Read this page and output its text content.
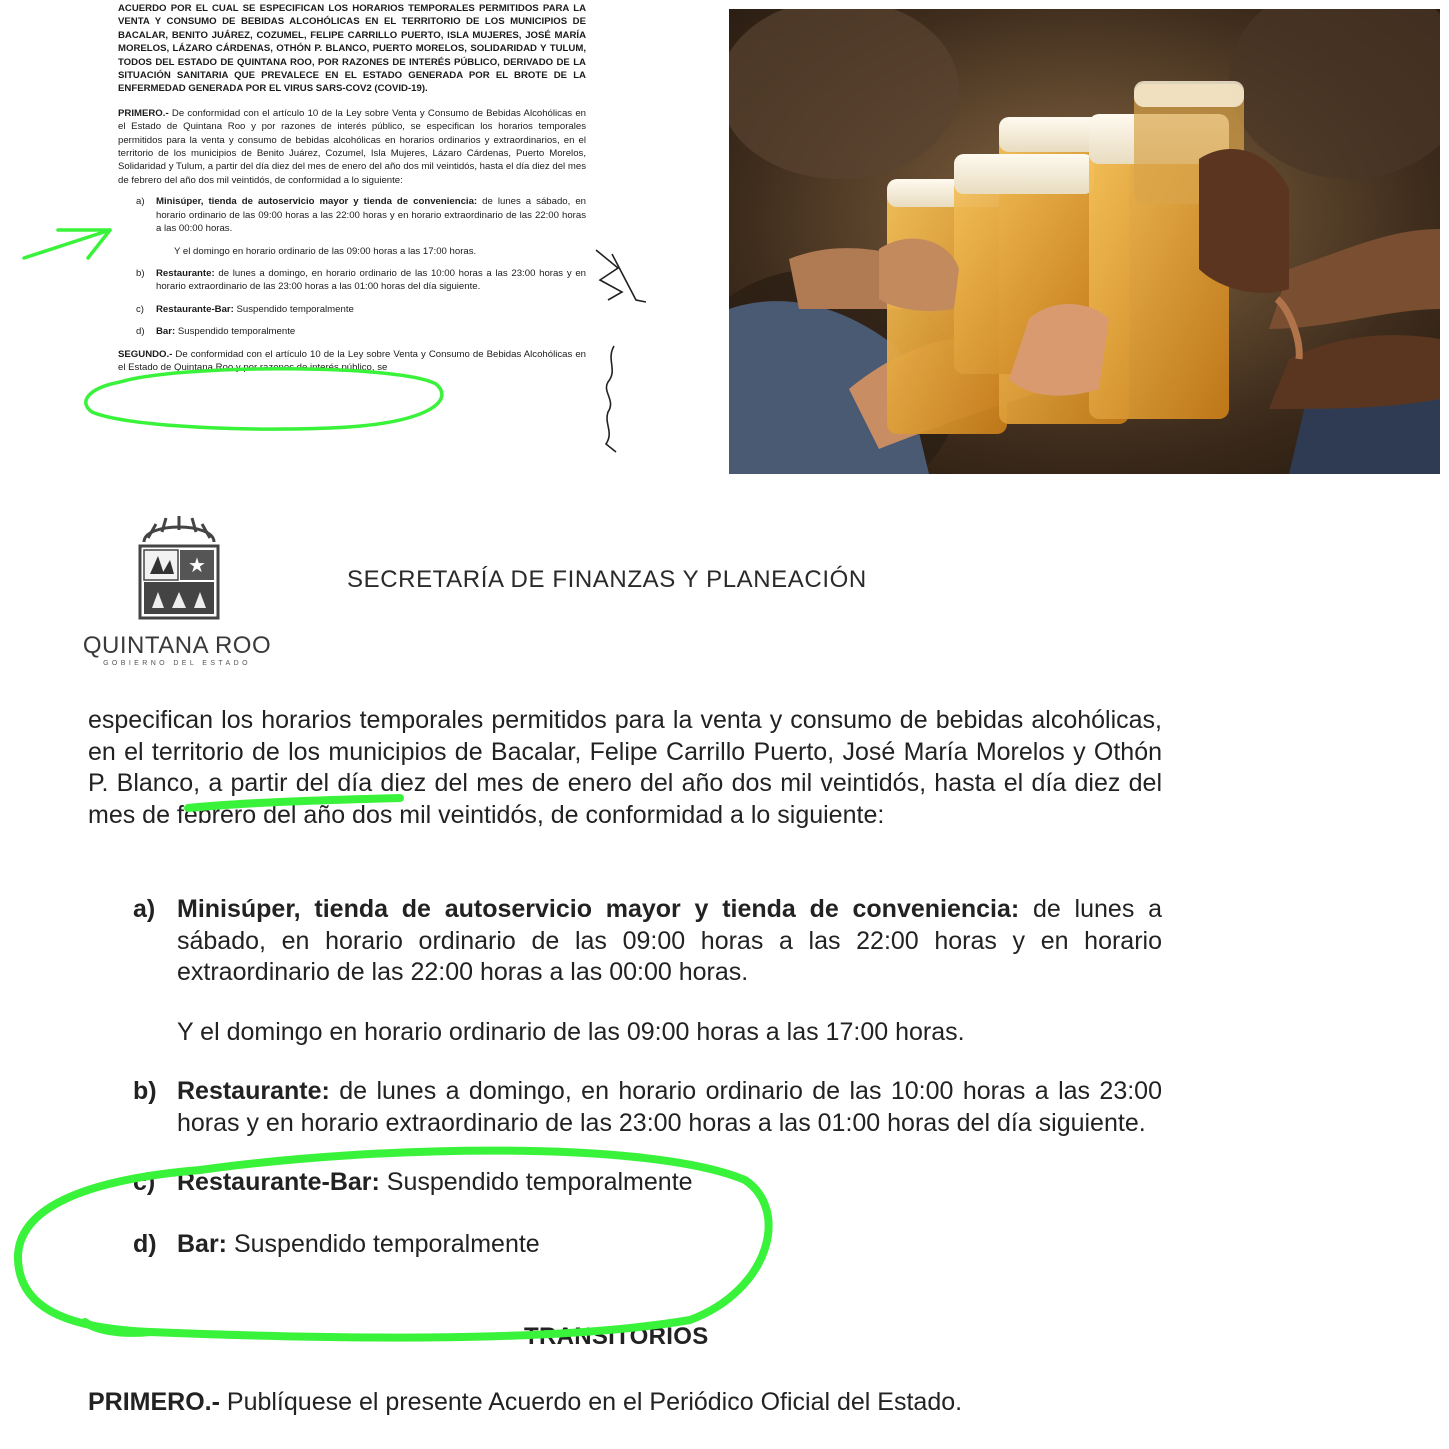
ACUERDO POR EL CUAL SE ESPECIFICAN LOS HORARIOS TEMPORALES PERMITIDOS PARA LA VENTA Y CONSUMO DE BEBIDAS ALCOHÓLICAS EN EL TERRITORIO DE LOS MUNICIPIOS DE BACALAR, BENITO JUÁREZ, COZUMEL, FELIPE CARRILLO PUERTO, ISLA MUJERES, JOSÉ MARÍA MORELOS, LÁZARO CÁRDENAS, OTHÓN P. BLANCO, PUERTO MORELOS, SOLIDARIDAD Y TULUM, TODOS DEL ESTADO DE QUINTANA ROO, POR RAZONES DE INTERÉS PÚBLICO, DERIVADO DE LA SITUACIÓN SANITARIA QUE PREVALECE EN EL ESTADO GENERADA POR EL BROTE DE LA ENFERMEDAD GENERADA POR EL VIRUS SARS-COV2 (COVID-19).
PRIMERO.- De conformidad con el artículo 10 de la Ley sobre Venta y Consumo de Bebidas Alcohólicas en el Estado de Quintana Roo y por razones de interés público, se especifican los horarios temporales permitidos para la venta y consumo de bebidas alcohólicas en horarios ordinarios y extraordinarios, en el territorio de los municipios de Benito Juárez, Cozumel, Isla Mujeres, Lázaro Cárdenas, Puerto Morelos, Solidaridad y Tulum, a partir del día diez del mes de enero del año dos mil veintidós, hasta el día diez del mes de febrero del año dos mil veintidós, de conformidad a lo siguiente:
a)	Minisúper, tienda de autoservicio mayor y tienda de conveniencia: de lunes a sábado, en horario ordinario de las 09:00 horas a las 22:00 horas y en horario extraordinario de las 22:00 horas a las 00:00 horas.
Y el domingo en horario ordinario de las 09:00 horas a las 17:00 horas.
b)	Restaurante: de lunes a domingo, en horario ordinario de las 10:00 horas a las 23:00 horas y en horario extraordinario de las 23:00 horas a las 01:00 horas del día siguiente.
c)	Restaurante-Bar: Suspendido temporalmente
d)	Bar: Suspendido temporalmente
SEGUNDO.- De conformidad con el artículo 10 de la Ley sobre Venta y Consumo de Bebidas Alcohólicas en el Estado de Quintana Roo y por razones de interés público, se
★
QUINTANA ROO
GOBIERNO DEL ESTADO
SECRETARÍA DE FINANZAS Y PLANEACIÓN
especifican los horarios temporales permitidos para la venta y consumo de bebidas alcohólicas, en el territorio de los municipios de Bacalar, Felipe Carrillo Puerto, José María Morelos y Othón P. Blanco, a partir del día diez del mes de enero del año dos mil veintidós, hasta el día diez del mes de febrero del año dos mil veintidós, de conformidad a lo siguiente:
a) Minisúper, tienda de autoservicio mayor y tienda de conveniencia: de lunes a sábado, en horario ordinario de las 09:00 horas a las 22:00 horas y en horario extraordinario de las 22:00 horas a las 00:00 horas.
Y el domingo en horario ordinario de las 09:00 horas a las 17:00 horas.
b) Restaurante: de lunes a domingo, en horario ordinario de las 10:00 horas a las 23:00 horas y en horario extraordinario de las 23:00 horas a las 01:00 horas del día siguiente.
c) Restaurante-Bar: Suspendido temporalmente
d) Bar: Suspendido temporalmente
TRANSITORIOS
PRIMERO.- Publíquese el presente Acuerdo en el Periódico Oficial del Estado.
